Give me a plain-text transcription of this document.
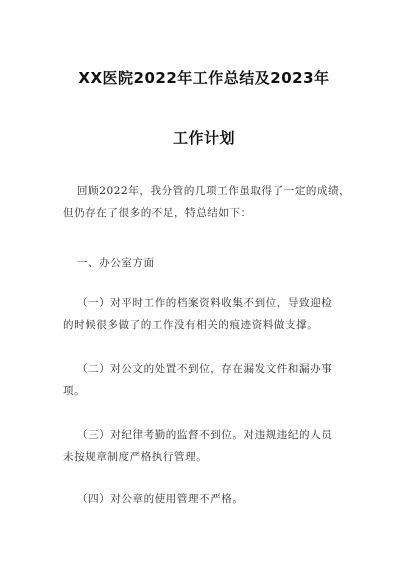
XX医院2022年工作总结及2023年
工作计划
回顾2022年，我分管的几项工作虽取得了一定的成绩，
但仍存在了很多的不足，特总结如下：
一、办公室方面
（一）对平时工作的档案资料收集不到位，导致迎检
的时候很多做了的工作没有相关的痕迹资料做支撑。
（二）对公文的处置不到位，存在漏发文件和漏办事
项。
（三）对纪律考勤的监督不到位。对违规违纪的人员
未按规章制度严格执行管理。
（四）对公章的使用管理不严格。
